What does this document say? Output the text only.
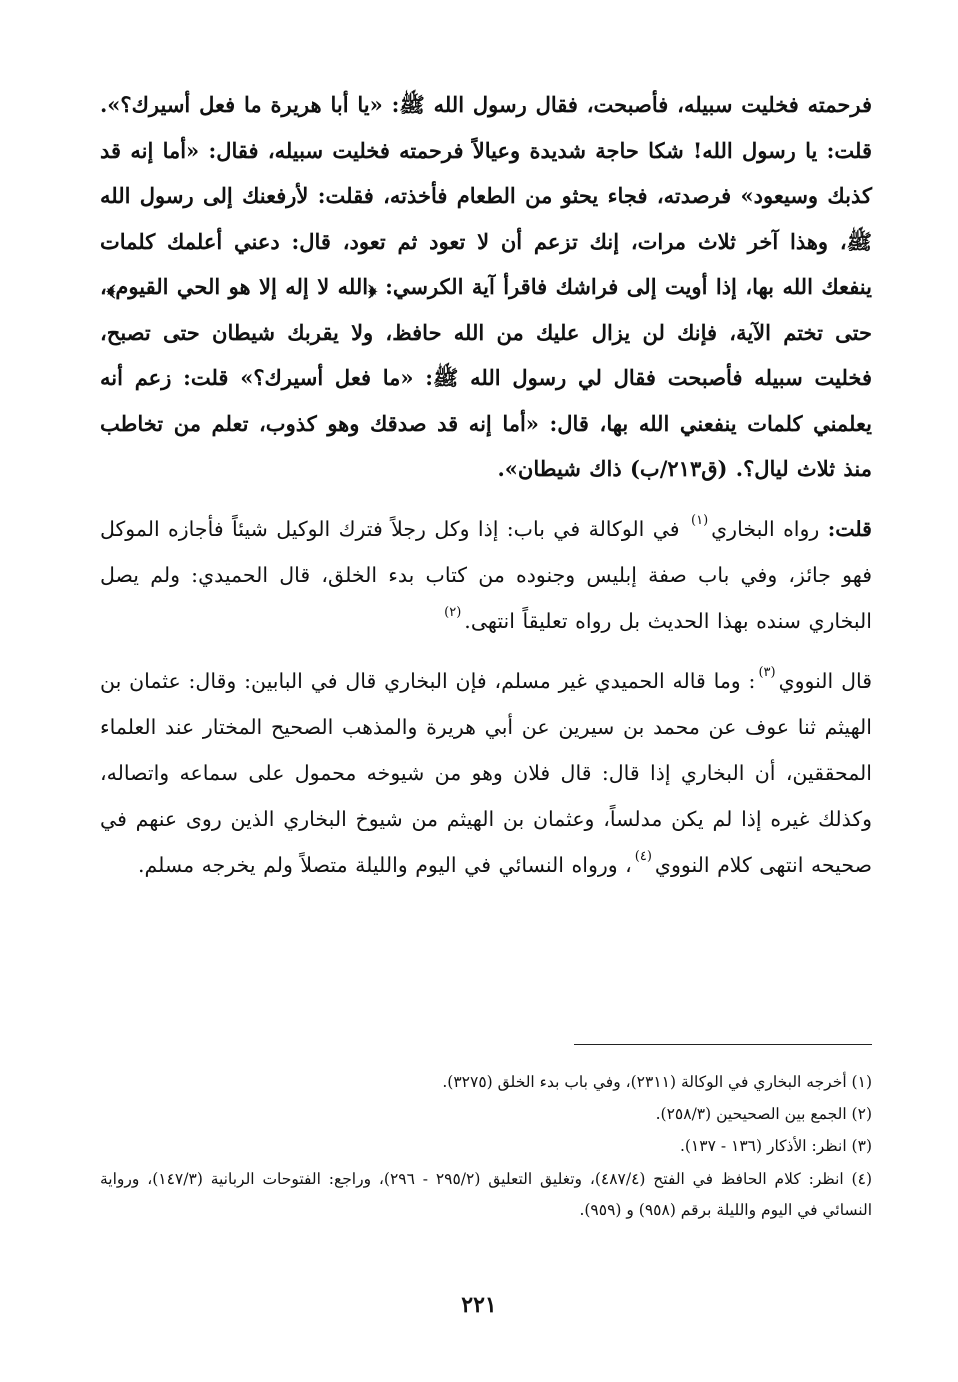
فرحمته فخليت سبيله، فأصبحت، فقال رسول الله ﷺ: «يا أبا هريرة ما فعل أسيرك؟». قلت: يا رسول الله! شكا حاجة شديدة وعيالاً فرحمته فخليت سبيله، فقال: «أما إنه قد كذبك وسيعود» فرصدته، فجاء يحثو من الطعام فأخذته، فقلت: لأرفعنك إلى رسول الله ﷺ، وهذا آخر ثلاث مرات، إنك تزعم أن لا تعود ثم تعود، قال: دعني أعلمك كلمات ينفعك الله بها، إذا أويت إلى فراشك فاقرأ آية الكرسي: ﴿الله لا إله إلا هو الحي القيوم﴾، حتى تختم الآية، فإنك لن يزال عليك من الله حافظ، ولا يقربك شيطان حتى تصبح، فخليت سبيله فأصبحت فقال لي رسول الله ﷺ: «ما فعل أسيرك؟» قلت: زعم أنه يعلمني كلمات ينفعني الله بها، قال: «أما إنه قد صدقك وهو كذوب، تعلم من تخاطب منذ ثلاث ليال؟. (ق٢١٣/ب) ذاك شيطان».

قلت: رواه البخاري$^{(١)}$ في الوكالة في باب: إذا وكل رجلاً فترك الوكيل شيئاً فأجازه الموكل فهو جائز، وفي باب صفة إبليس وجنوده من كتاب بدء الخلق، قال الحميدي: ولم يصل البخاري سنده بهذا الحديث بل رواه تعليقاً انتهى.$^{(٢)}$

قال النووي$^{(٣)}$: وما قاله الحميدي غير مسلم، فإن البخاري قال في البابين: وقال: عثمان بن الهيثم ثنا عوف عن محمد بن سيرين عن أبي هريرة والمذهب الصحيح المختار عند العلماء المحققين، أن البخاري إذا قال: قال فلان وهو من شيوخه محمول على سماعه واتصاله، وكذلك غيره إذا لم يكن مدلساً، وعثمان بن الهيثم من شيوخ البخاري الذين روى عنهم في صحيحه انتهى كلام النووي$^{(٤)}$، ورواه النسائي في اليوم والليلة متصلاً ولم يخرجه مسلم.

(١) أخرجه البخاري في الوكالة (٢٣١١)، وفي باب بدء الخلق (٣٢٧٥).

(٢) الجمع بين الصحيحين (٢٥٨/٣).

(٣) انظر: الأذكار (١٣٦ - ١٣٧).

(٤) انظر: كلام الحافظ في الفتح (٤٨٧/٤)، وتغليق التعليق (٢٩٥/٢ - ٢٩٦)، وراجع: الفتوحات الربانية (١٤٧/٣)، ورواية النسائي في اليوم والليلة برقم (٩٥٨) و (٩٥٩).

٢٢١
